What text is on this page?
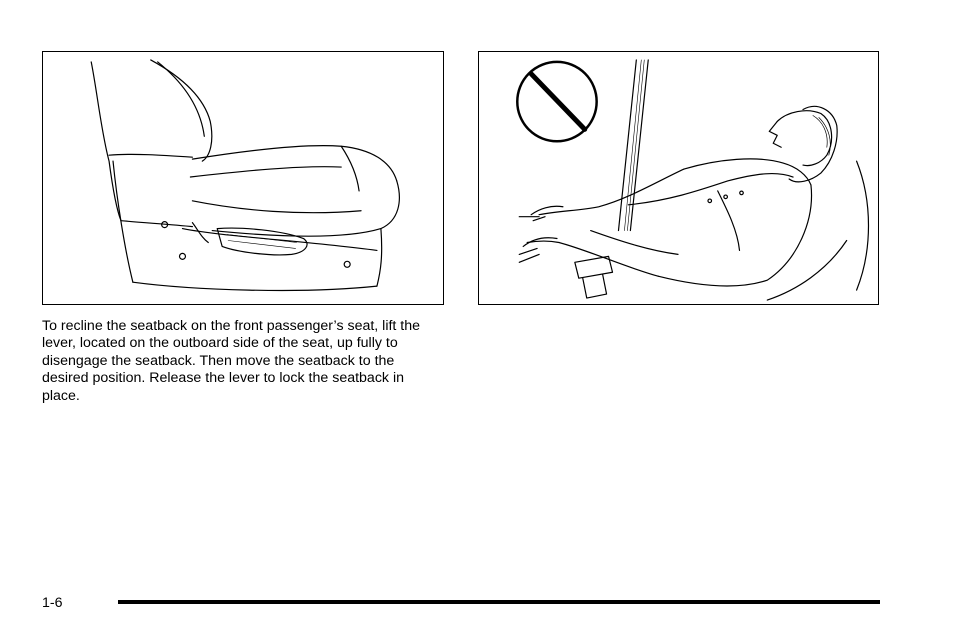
To recline the seatback on the front passenger’s seat, lift the lever, located on the outboard side of the seat, up fully to disengage the seatback. Then move the seatback to the desired position. Release the lever to lock the seatback in place.

1-6
